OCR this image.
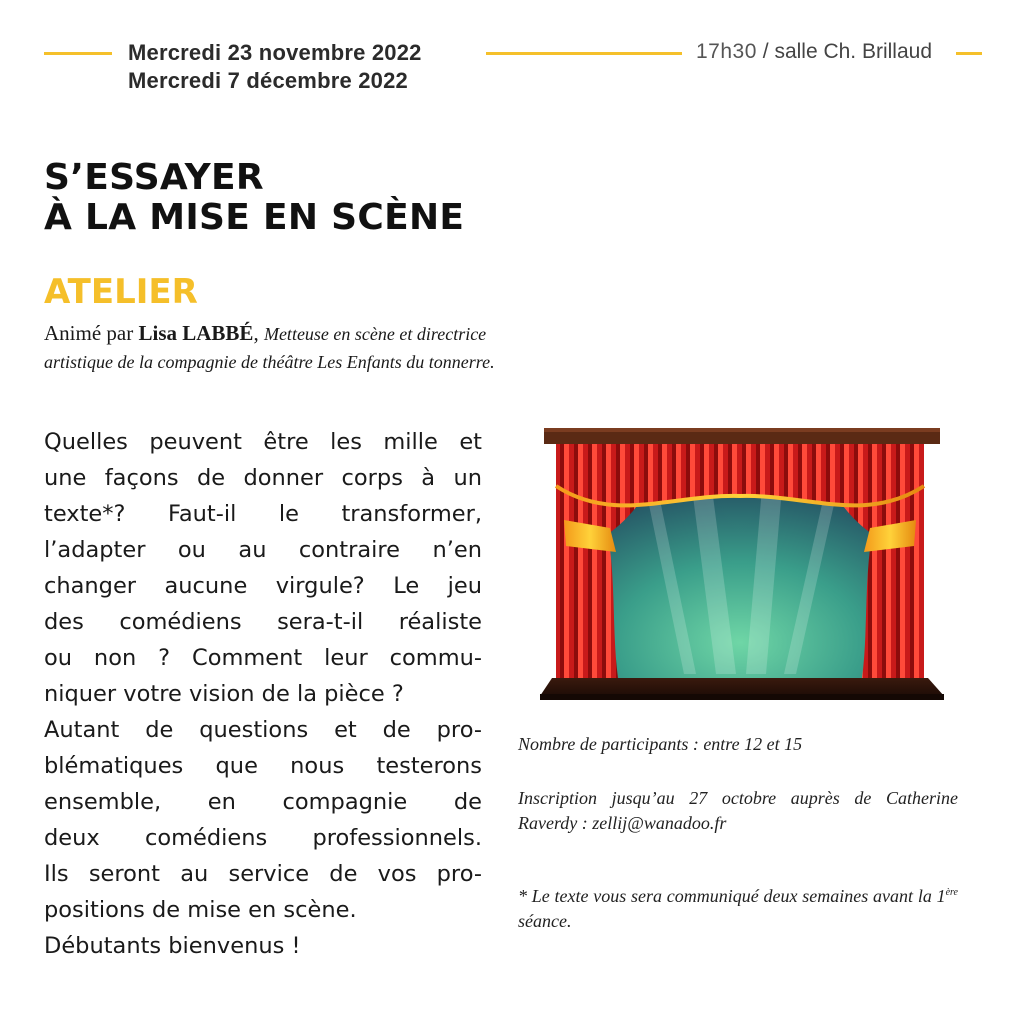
Mercredi 23 novembre 2022	17h30 / salle Ch. Brillaud
Mercredi 7 décembre 2022
S’ESSAYER
À LA MISE EN SCÈNE
ATELIER
Animé par Lisa LABBÉ, Metteuse en scène et directrice
artistique de la compagnie de théâtre Les Enfants du tonnerre.
Quelles peuvent être les mille et
une façons de donner corps à un
texte*? Faut-il le transformer,
l’adapter ou au contraire n’en
changer aucune virgule? Le jeu
des comédiens sera-t-il réaliste
ou non ? Comment leur commu-
niquer votre vision de la pièce ?
Autant de questions et de pro-
blématiques que nous testerons
ensemble, en compagnie de
deux comédiens professionnels.
Ils seront au service de vos pro-
positions de mise en scène.
Débutants bienvenus !
Nombre de participants : entre 12 et 15
Inscription jusqu’au 27 octobre auprès de Catherine Raverdy : zellij@wanadoo.fr
* Le texte vous sera communiqué deux semaines avant la 1ère séance.
